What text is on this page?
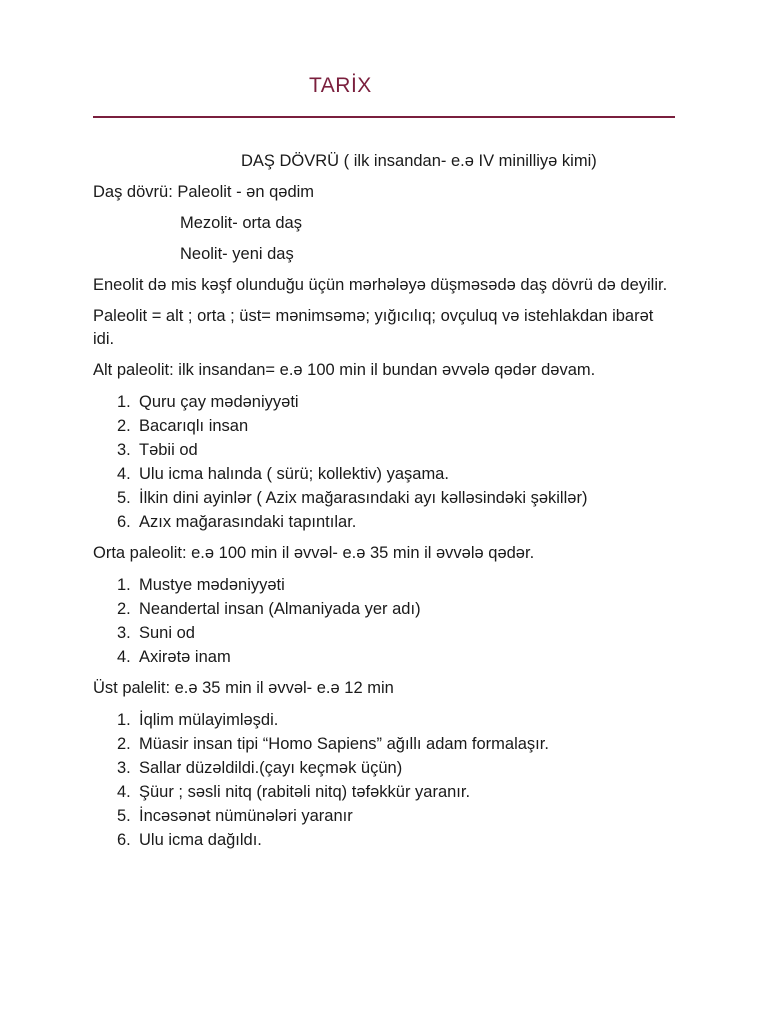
TARİX
DAŞ DÖVRÜ ( ilk insandan- e.ə IV minilliyə kimi)
Daş dövrü: Paleolit - ən qədim
Mezolit- orta daş
Neolit- yeni daş
Eneolit də mis kəşf olunduğu üçün mərhələyə düşməsədə daş dövrü də deyilir.
Paleolit = alt ; orta ; üst= mənimsəmə; yığıcılıq; ovçuluq və istehlakdan ibarət idi.
Alt paleolit: ilk insandan= e.ə 100 min il bundan əvvələ qədər dəvam.
1. Quru çay mədəniyyəti
2. Bacarıqlı insan
3. Təbii od
4. Ulu icma halında ( sürü; kollektiv) yaşama.
5. İlkin dini ayinlər ( Azix mağarasındaki ayı kəlləsindəki şəkillər)
6. Azıx mağarasındaki tapıntılar.
Orta paleolit: e.ə 100 min il əvvəl- e.ə 35 min il əvvələ qədər.
1. Mustye mədəniyyəti
2. Neandertal insan (Almaniyada yer adı)
3. Suni od
4. Axirətə inam
Üst palelit: e.ə 35 min il əvvəl- e.ə 12 min
1. İqlim mülayimləşdi.
2. Müasir insan tipi “Homo Sapiens” ağıllı adam formalaşır.
3. Sallar düzəldildi.(çayı keçmək üçün)
4. Şüur ; səsli nitq (rabitəli nitq) təfəkkür yaranır.
5. İncəsənət nümünələri yaranır
6. Ulu icma dağıldı.
